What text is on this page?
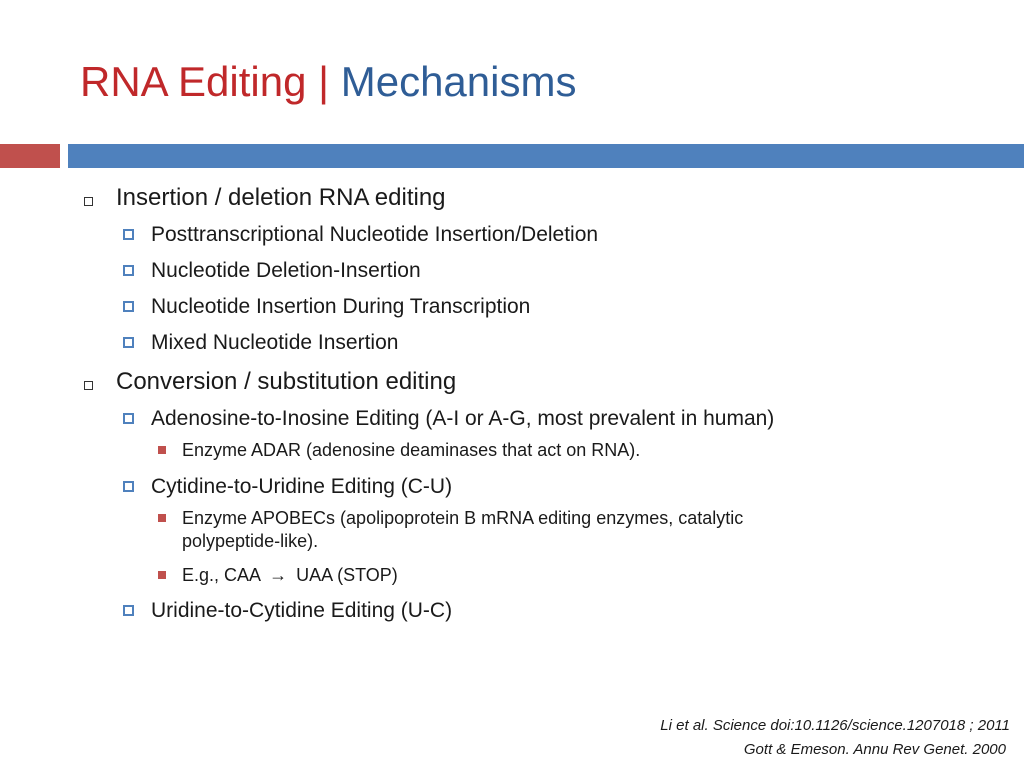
RNA Editing | Mechanisms
Insertion / deletion RNA editing
Posttranscriptional Nucleotide Insertion/Deletion
Nucleotide Deletion-Insertion
Nucleotide Insertion During Transcription
Mixed Nucleotide Insertion
Conversion / substitution editing
Adenosine-to-Inosine Editing (A-I or A-G, most prevalent in human)
Enzyme ADAR (adenosine deaminases that act on RNA).
Cytidine-to-Uridine Editing (C-U)
Enzyme APOBECs (apolipoprotein B mRNA editing enzymes, catalytic
polypeptide-like).
E.g., CAA → UAA (STOP)
Uridine-to-Cytidine Editing (U-C)
Li et al. Science doi:10.1126/science.1207018 ; 2011
Gott & Emeson. Annu Rev Genet. 2000
